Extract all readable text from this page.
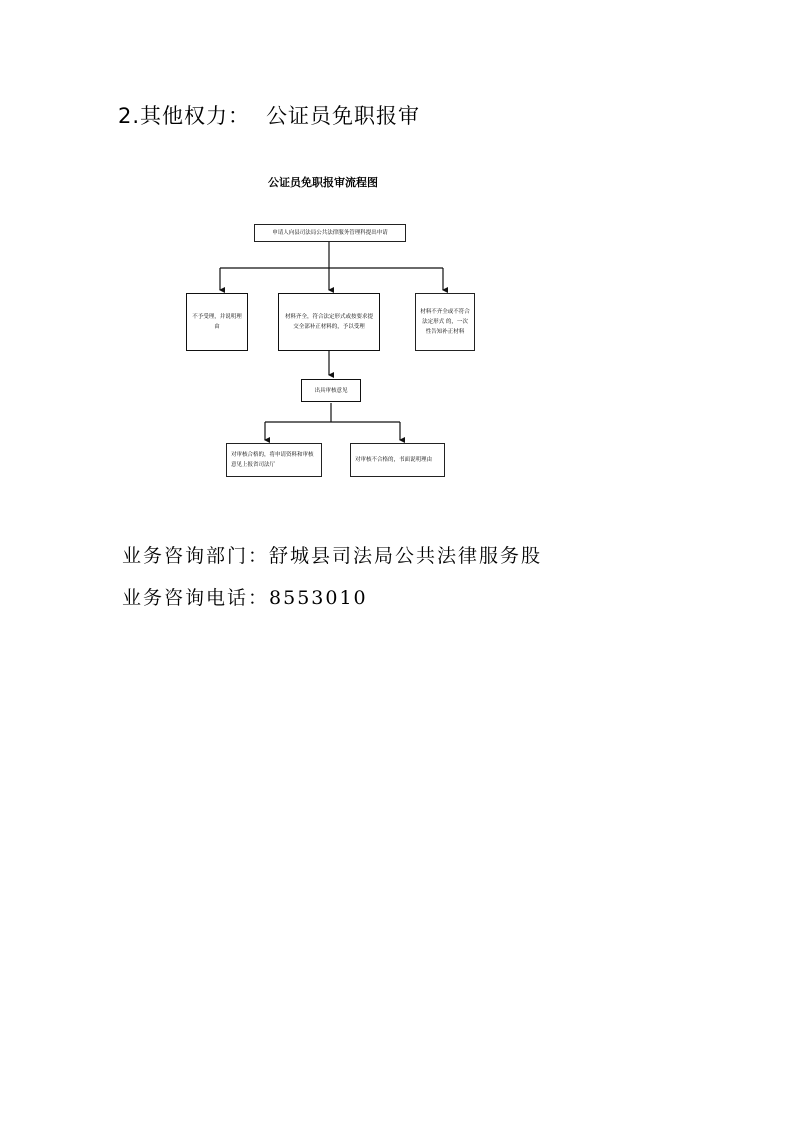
2.其他权力： 公证员免职报审
公证员免职报审流程图
申请人向县司法局公共法律服务管理科提出申请
不予受理，并说明理由
材料齐全，符合法定形式或按要求提交全部补正材料的，予以受理
材料不齐全或不符合法定形式 的，一次性告知补正材料
出具审核意见
对审核合格的，将申请资料和审核意见上报省司法厅
对审核不合格的，书面说明理由
业务咨询部门：舒城县司法局公共法律服务股
业务咨询电话：8553010
